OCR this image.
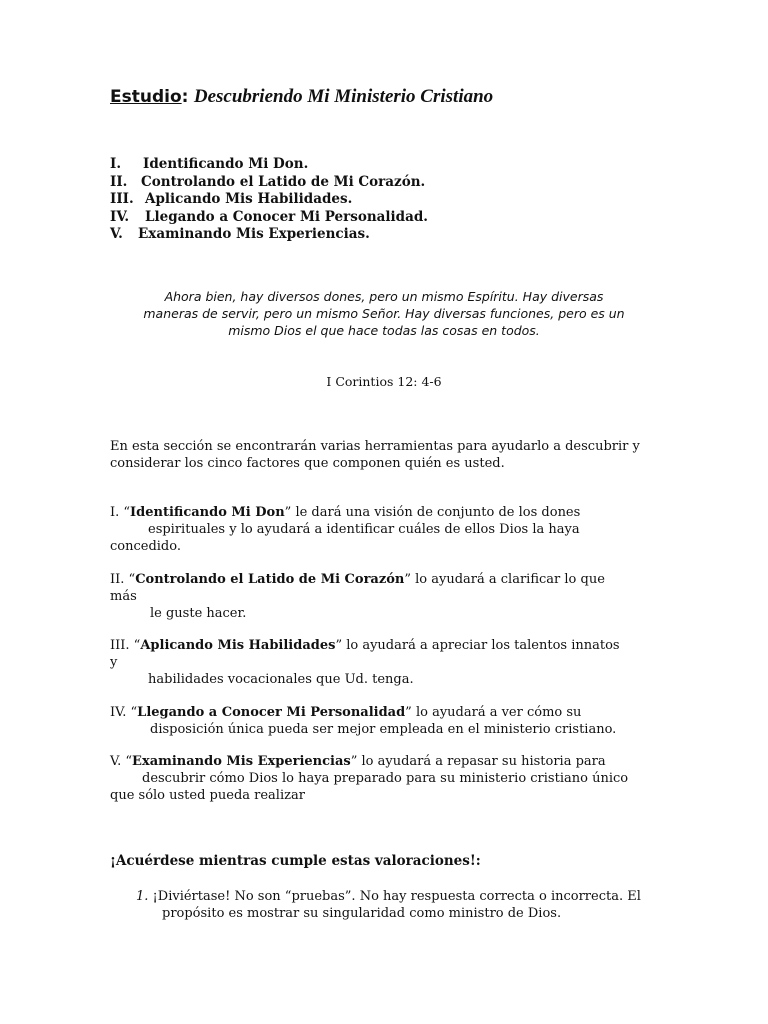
Estudio: Descubriendo Mi Ministerio Cristiano
I. Identificando Mi Don.
II. Controlando el Latido de Mi Corazón.
III. Aplicando Mis Habilidades.
IV. Llegando a Conocer Mi Personalidad.
V. Examinando Mis Experiencias.
Ahora bien, hay diversos dones, pero un mismo Espíritu. Hay diversas
maneras de servir, pero un mismo Señor. Hay diversas funciones, pero es un
mismo Dios el que hace todas las cosas en todos.
I Corintios 12: 4-6
En esta sección se encontrarán varias herramientas para ayudarlo a descubrir y
considerar los cinco factores que componen quién es usted.
I. “Identificando Mi Don” le dará una visión de conjunto de los dones
espirituales y lo ayudará a identificar cuáles de ellos Dios la haya
concedido.
II. “Controlando el Latido de Mi Corazón” lo ayudará a clarificar lo que
más
le guste hacer.
III. “Aplicando Mis Habilidades” lo ayudará a apreciar los talentos innatos
y
habilidades vocacionales que Ud. tenga.
IV. “Llegando a Conocer Mi Personalidad” lo ayudará a ver cómo su
disposición única pueda ser mejor empleada en el ministerio cristiano.
V. “Examinando Mis Experiencias” lo ayudará a repasar su historia para
descubrir cómo Dios lo haya preparado para su ministerio cristiano único
que sólo usted pueda realizar
¡Acuérdese mientras cumple estas valoraciones!:
1. ¡Diviértase! No son “pruebas”. No hay respuesta correcta o incorrecta. El
propósito es mostrar su singularidad como ministro de Dios.
